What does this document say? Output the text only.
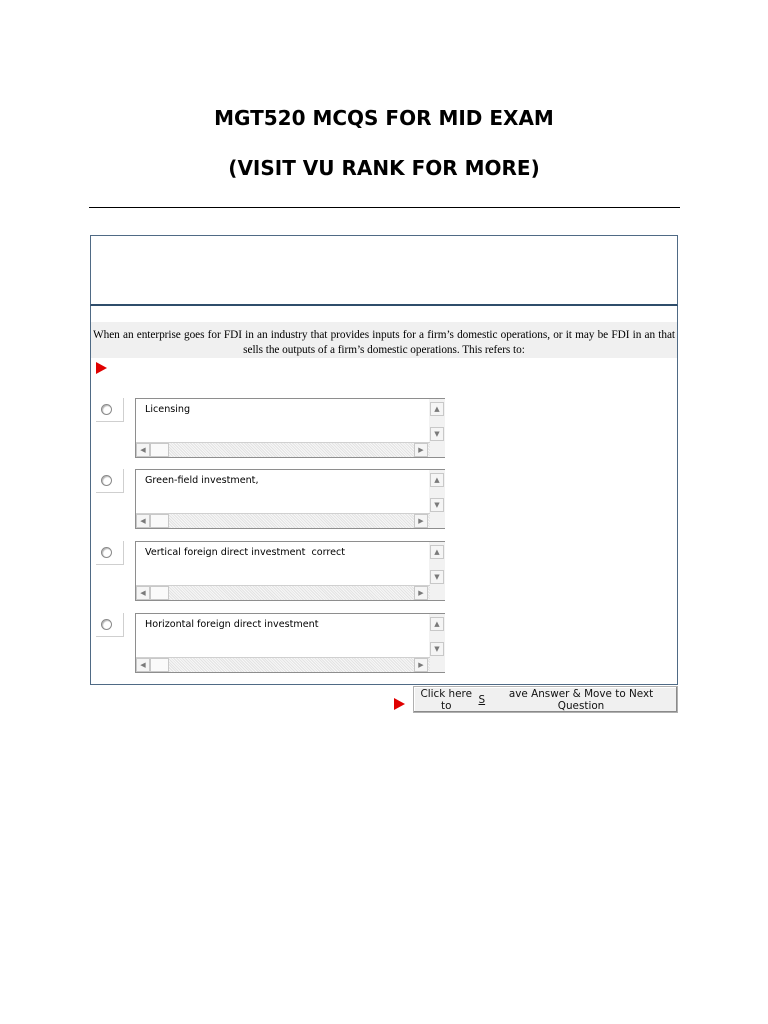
MGT520 MCQS FOR MID EXAM
(VISIT VU RANK FOR MORE)
When an enterprise goes for FDI in an industry that provides inputs for a firm’s domestic operations, or it may be FDI in an that sells the outputs of a firm’s domestic operations. This refers to:
Licensing	▲
▼
◀	▶
Green-field investment,	▲
▼
◀	▶
Vertical foreign direct investment  correct	▲
▼
◀	▶
Horizontal foreign direct investment	▲
▼
◀	▶
Click here to	S	ave Answer & Move to Next Question
